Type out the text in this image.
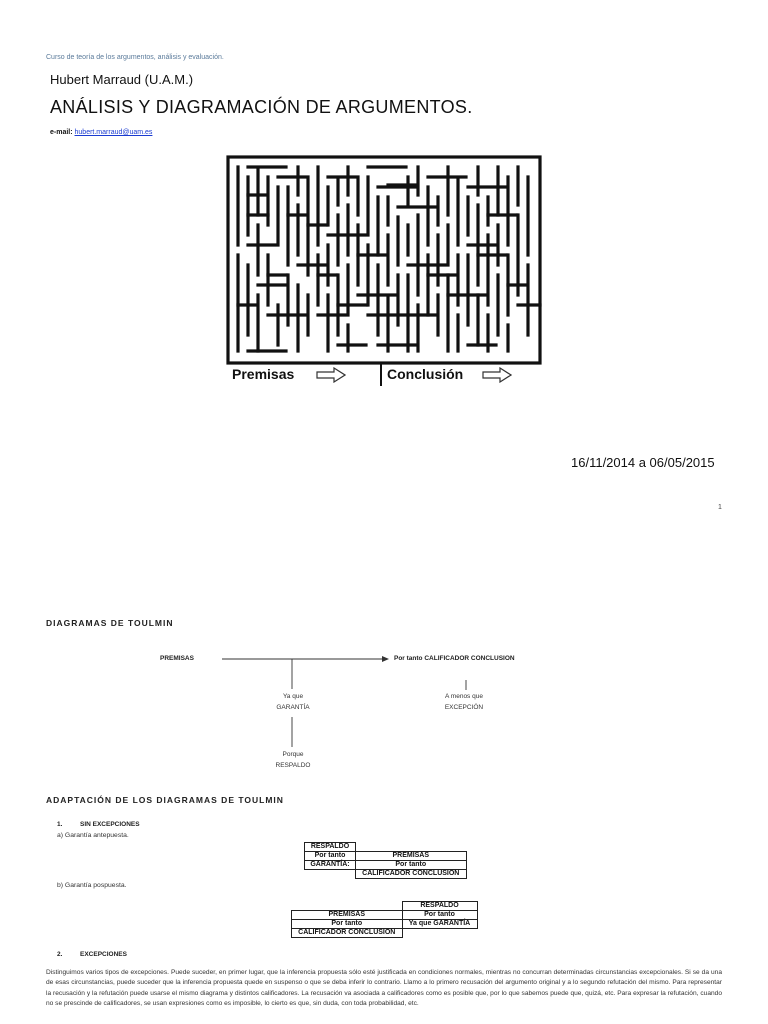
Curso de teoría de los argumentos, análisis y evaluación.
Hubert Marraud (U.A.M.)
ANÁLISIS Y DIAGRAMACIÓN DE ARGUMENTOS.
e-mail: hubert.marraud@uam.es
Premisas	Conclusión
16/11/2014 a 06/05/2015
1
DIAGRAMAS DE TOULMIN
PREMISAS	Por tanto CALIFICADOR CONCLUSION
Ya que
GARANTÍA
Porque
RESPALDO
A menos que
EXCEPCIÓN
ADAPTACIÓN DE LOS DIAGRAMAS DE TOULMIN
1.	SIN EXCEPCIONES
a) Garantía antepuesta.
RESPALDO	
Por tanto	PREMISAS
GARANTÍA:	Por tanto
	CALIFICADOR CONCLUSION
b) Garantía pospuesta.
	RESPALDO
PREMISAS	Por tanto
Por tanto	Ya que GARANTÍA
CALIFICADOR CONCLUSION	
2.	EXCEPCIONES
Distinguimos varios tipos de excepciones. Puede suceder, en primer lugar, que la inferencia propuesta sólo esté justificada en condiciones normales, mientras no concurran determinadas circunstancias excepcionales. Si se da una de esas circunstancias, puede suceder que la inferencia propuesta quede en suspenso o que se deba inferir lo contrario. Llamo a lo primero recusación del argumento original y a lo segundo refutación del mismo. Para representar la recusación y la refutación puede usarse el mismo diagrama y distintos calificadores. La recusación va asociada a calificadores como es posible que, por lo que sabemos puede que, quizá, etc. Para expresar la refutación, cuando no se prescinde de calificadores, se usan expresiones como es imposible, lo cierto es que, sin duda, con toda probabilidad, etc.
